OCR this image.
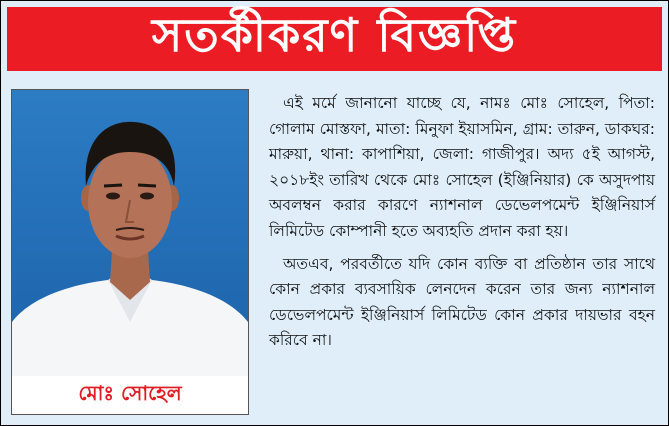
সতর্কীকরণ বিজ্ঞপ্তি
মোঃ সোহেল

এই মর্মে জানানো যাচ্ছে যে, নামঃ মোঃ সোহেল, পিতা: গোলাম মোস্তফা, মাতা: মিনুফা ইয়াসমিন, গ্রাম: তারুন, ডাকঘর: মারুয়া, থানা: কাপাশিয়া, জেলা: গাজীপুর। অদ্য ৫ই আগস্ট, ২০১৮ইং তারিখ থেকে মোঃ সোহেল (ইঞ্জিনিয়ার) কে অসুদপায় অবলম্বন করার কারণে ন্যাশনাল ডেভেলপমেন্ট ইঞ্জিনিয়ার্স লিমিটেড কোম্পানী হতে অব্যহতি প্রদান করা হয়।

অতএব, পরবর্তীতে যদি কোন ব্যক্তি বা প্রতিষ্ঠান তার সাথে কোন প্রকার ব্যবসায়িক লেনদেন করেন তার জন্য ন্যাশনাল ডেভেলপমেন্ট ইঞ্জিনিয়ার্স লিমিটেড কোন প্রকার দায়ভার বহন করিবে না।
